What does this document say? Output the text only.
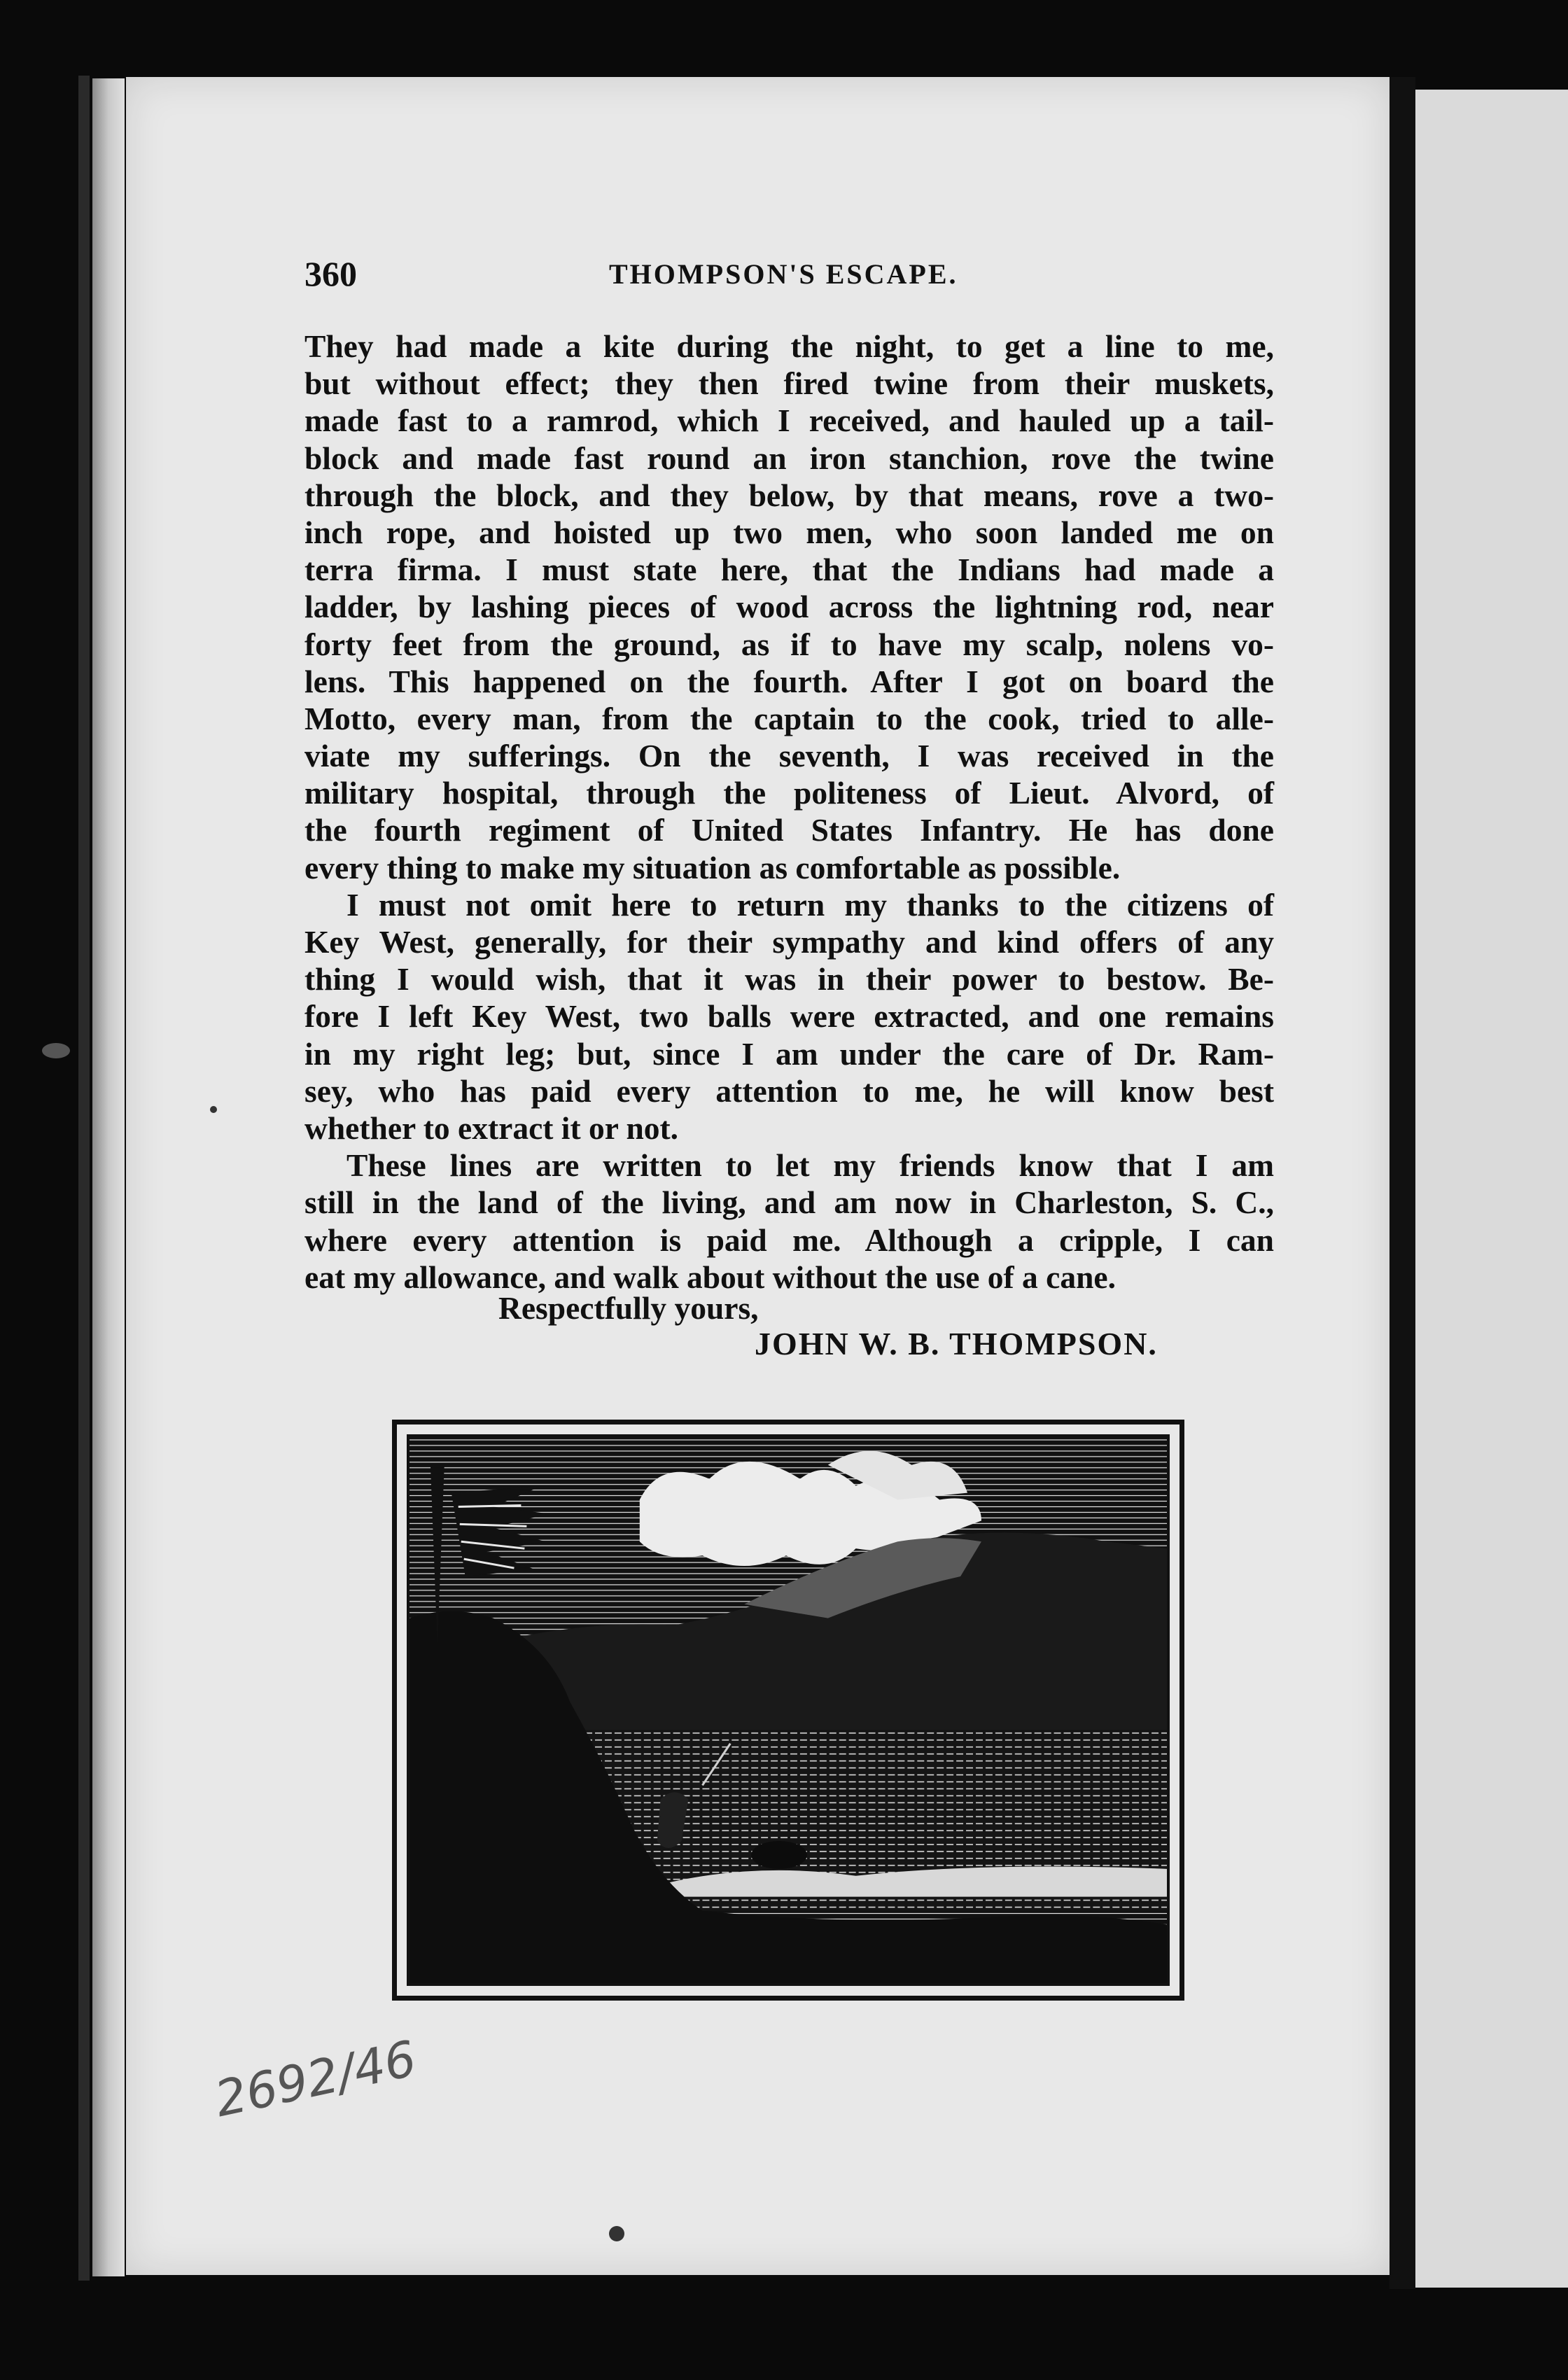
360	THOMPSON'S ESCAPE.
They had made a kite during the night, to get a line to me,
but without effect; they then fired twine from their muskets,
made fast to a ramrod, which I received, and hauled up a tail-
block and made fast round an iron stanchion, rove the twine
through the block, and they below, by that means, rove a two-
inch rope, and hoisted up two men, who soon landed me on
terra firma. I must state here, that the Indians had made a
ladder, by lashing pieces of wood across the lightning rod, near
forty feet from the ground, as if to have my scalp, nolens vo-
lens. This happened on the fourth. After I got on board the
Motto, every man, from the captain to the cook, tried to alle-
viate my sufferings. On the seventh, I was received in the
military hospital, through the politeness of Lieut. Alvord, of
the fourth regiment of United States Infantry. He has done
every thing to make my situation as comfortable as possible.
I must not omit here to return my thanks to the citizens of
Key West, generally, for their sympathy and kind offers of any
thing I would wish, that it was in their power to bestow. Be-
fore I left Key West, two balls were extracted, and one remains
in my right leg; but, since I am under the care of Dr. Ram-
sey, who has paid every attention to me, he will know best
whether to extract it or not.
These lines are written to let my friends know that I am
still in the land of the living, and am now in Charleston, S. C.,
where every attention is paid me. Although a cripple, I can
eat my allowance, and walk about without the use of a cane.
Respectfully yours,
JOHN W. B. THOMPSON.
2692/46
